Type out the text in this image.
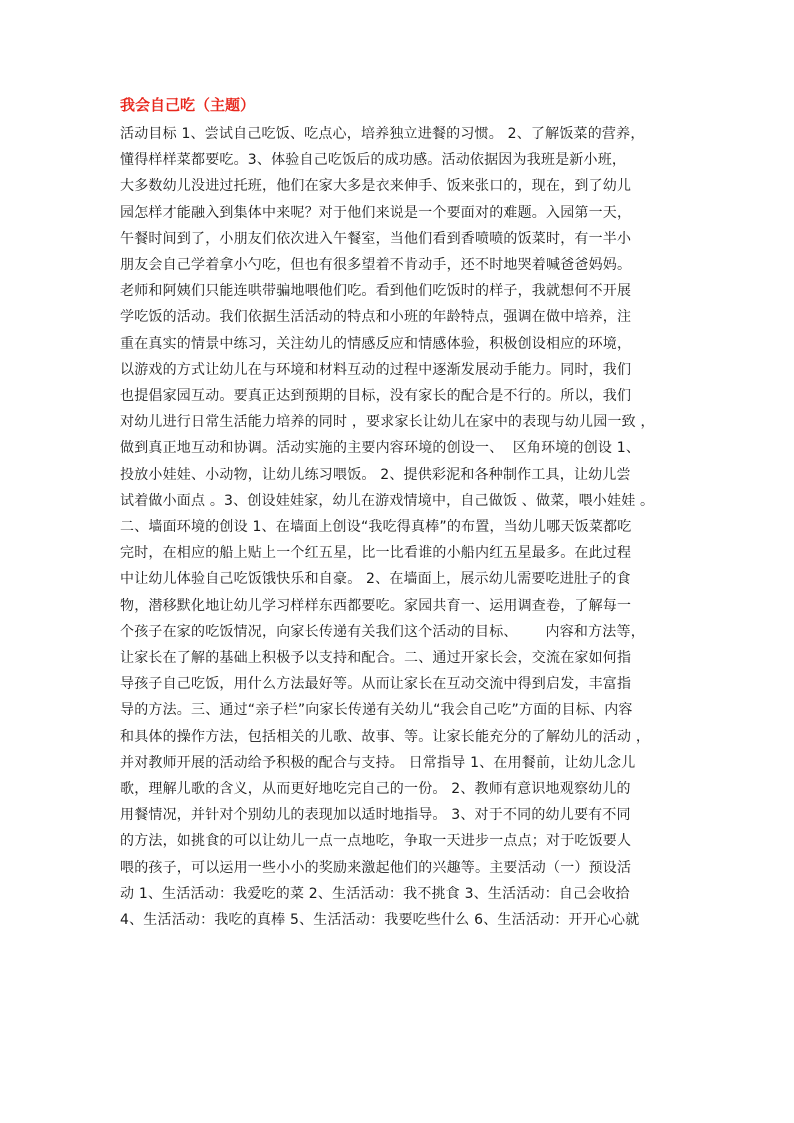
我会自己吃（主题）
活动目标 1、尝试自己吃饭、吃点心，培养独立进餐的习惯。 2、了解饭菜的营养，
懂得样样菜都要吃。3、体验自己吃饭后的成功感。活动依据因为我班是新小班，
大多数幼儿没进过托班，他们在家大多是衣来伸手、饭来张口的，现在，到了幼儿
园怎样才能融入到集体中来呢？对于他们来说是一个要面对的难题。入园第一天，
午餐时间到了，小朋友们依次进入午餐室，当他们看到香喷喷的饭菜时，有一半小
朋友会自己学着拿小勺吃，但也有很多望着不肯动手，还不时地哭着喊爸爸妈妈。
老师和阿姨们只能连哄带骗地喂他们吃。看到他们吃饭时的样子，我就想何不开展
学吃饭的活动。我们依据生活活动的特点和小班的年龄特点，强调在做中培养，注
重在真实的情景中练习，关注幼儿的情感反应和情感体验，积极创设相应的环境，
以游戏的方式让幼儿在与环境和材料互动的过程中逐渐发展动手能力。同时，我们
也提倡家园互动。要真正达到预期的目标，没有家长的配合是不行的。所以，我们
对幼儿进行日常生活能力培养的同时 ，要求家长让幼儿在家中的表现与幼儿园一致 ，
做到真正地互动和协调。活动实施的主要内容环境的创设一、  区角环境的创设 1、
投放小娃娃、小动物，让幼儿练习喂饭。 2、提供彩泥和各种制作工具，让幼儿尝
试着做小面点 。3、创设娃娃家，幼儿在游戏情境中，自己做饭 、做菜，喂小娃娃 。
二、墙面环境的创设 1、在墙面上创设“我吃得真棒”的布置，当幼儿哪天饭菜都吃
完时，在相应的船上贴上一个红五星，比一比看谁的小船内红五星最多。在此过程
中让幼儿体验自己吃饭饿快乐和自豪。 2、在墙面上，展示幼儿需要吃进肚子的食
物，潜移默化地让幼儿学习样样东西都要吃。家园共育一、运用调查卷，了解每一
个孩子在家的吃饭情况，向家长传递有关我们这个活动的目标、      内容和方法等，
让家长在了解的基础上积极予以支持和配合。二、通过开家长会，交流在家如何指
导孩子自己吃饭，用什么方法最好等。从而让家长在互动交流中得到启发，丰富指
导的方法。三、通过“亲子栏”向家长传递有关幼儿“我会自己吃”方面的目标、内容
和具体的操作方法，包括相关的儿歌、故事、等。让家长能充分的了解幼儿的活动 ，
并对教师开展的活动给予积极的配合与支持。 日常指导 1、在用餐前，让幼儿念儿
歌，理解儿歌的含义，从而更好地吃完自己的一份。 2、教师有意识地观察幼儿的
用餐情况，并针对个别幼儿的表现加以适时地指导。 3、对于不同的幼儿要有不同
的方法，如挑食的可以让幼儿一点一点地吃，争取一天进步一点点；对于吃饭要人
喂的孩子，可以运用一些小小的奖励来激起他们的兴趣等。主要活动（一）预设活
动 1、生活活动：我爱吃的菜 2、生活活动：我不挑食 3、生活活动：自己会收拾
4、生活活动：我吃的真棒 5、生活活动：我要吃些什么 6、生活活动：开开心心就
